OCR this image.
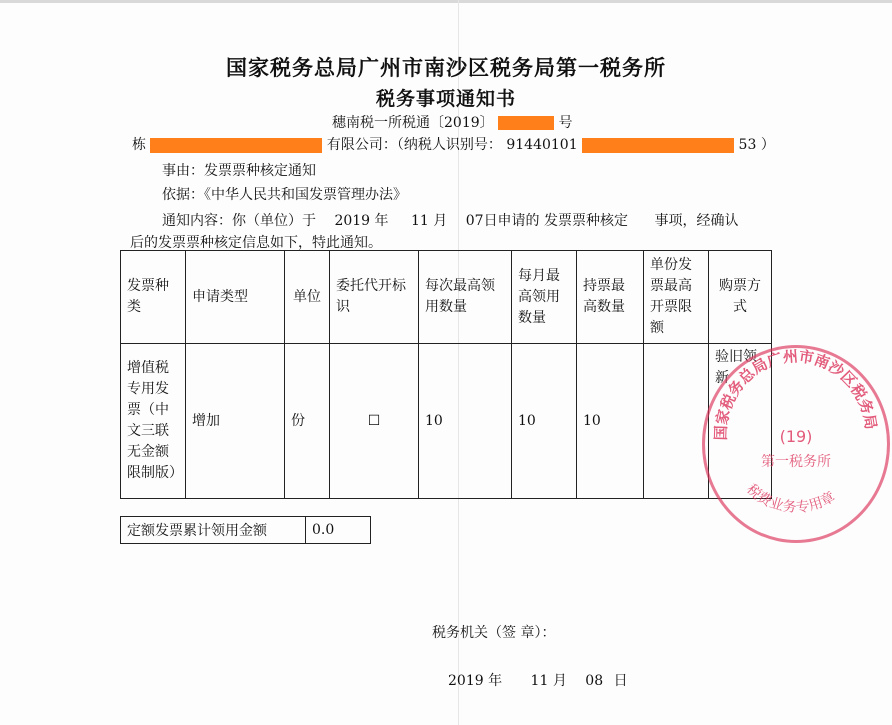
国家税务总局广州市南沙区税务局第一税务所
税务事项通知书
穗南税一所税通〔2019〕	号
栋	有限公司：（纳税人识别号： 91440101	53 ）
事由：发票票种核定通知
依据：《中华人民共和国发票管理办法》
通知内容：你（单位）于 2019 年 11 月 07日申请的 发票票种核定 事项，经确认
后的发票票种核定信息如下，特此通知。
发票种类	申请类型	单位	委托代开标识	每次最高领用数量	每月最高领用数量	持票最高数量	单份发票最高开票限额	购票方式
增值税专用发票（中文三联无金额限制版）	增加	份	☐	10	10	10		验旧领新
定额发票累计领用金额	0.0
国家税务总局广州市南沙区税务局
(19)
第一税务所
税费业务专用章
税务机关（签 章）：
2019 年 11 月 08 日
